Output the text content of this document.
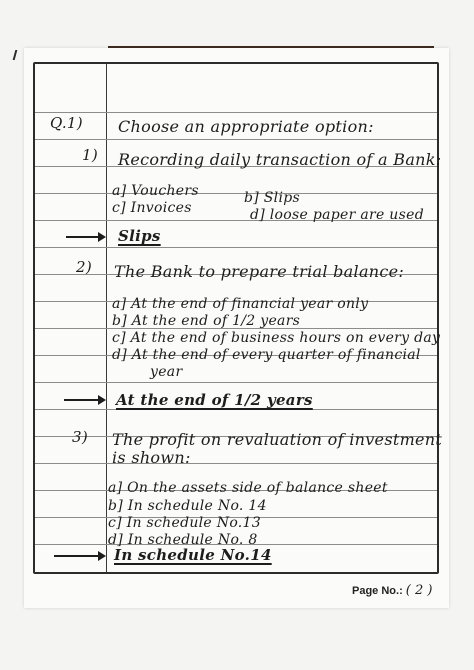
Q.1) Choose an appropriate option:
1) Recording daily transaction of a Bank:
a] Vouchers	b] Slips
c] Invoices	d] loose paper are used
Slips
2) The Bank to prepare trial balance:
a] At the end of financial year only
b] At the end of 1/2 years
c] At the end of business hours on every day
d] At the end of every quarter of financial
year
At the end of 1/2 years
3) The profit on revaluation of investment
is shown:
a] On the assets side of balance sheet
b] In schedule No. 14
c] In schedule No.13
d] In schedule No. 8
In schedule No.14
Page No.: ( 2 )
